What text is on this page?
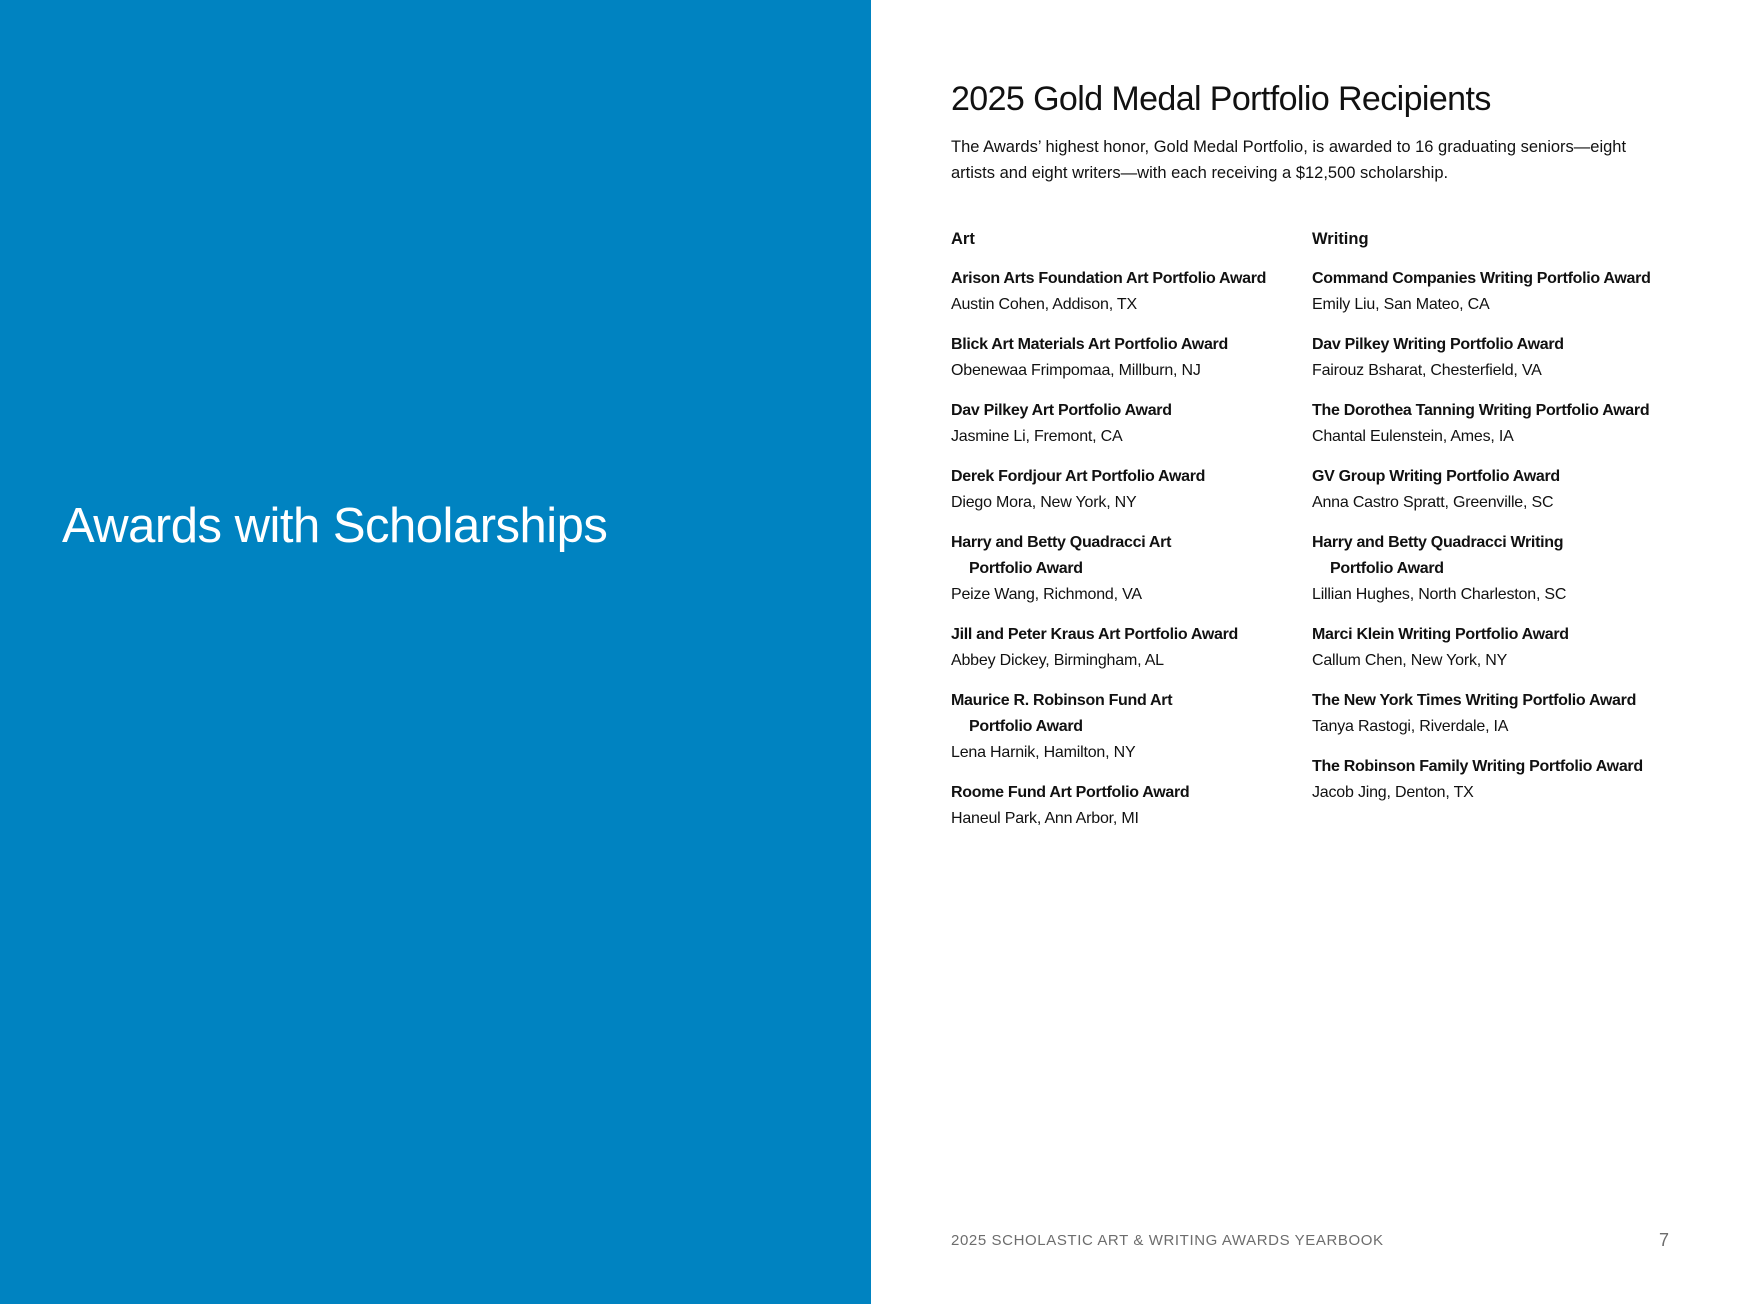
Awards with Scholarships
2025 Gold Medal Portfolio Recipients

The Awards’ highest honor, Gold Medal Portfolio, is awarded to 16 graduating seniors—eight
artists and eight writers—with each receiving a $12,500 scholarship.

Art
Arison Arts Foundation Art Portfolio Award
Austin Cohen, Addison, TX
Blick Art Materials Art Portfolio Award
Obenewaa Frimpomaa, Millburn, NJ
Dav Pilkey Art Portfolio Award
Jasmine Li, Fremont, CA
Derek Fordjour Art Portfolio Award
Diego Mora, New York, NY
Harry and Betty Quadracci Art
Portfolio Award
Peize Wang, Richmond, VA
Jill and Peter Kraus Art Portfolio Award
Abbey Dickey, Birmingham, AL
Maurice R. Robinson Fund Art
Portfolio Award
Lena Harnik, Hamilton, NY
Roome Fund Art Portfolio Award
Haneul Park, Ann Arbor, MI
Writing
Command Companies Writing Portfolio Award
Emily Liu, San Mateo, CA
Dav Pilkey Writing Portfolio Award
Fairouz Bsharat, Chesterfield, VA
The Dorothea Tanning Writing Portfolio Award
Chantal Eulenstein, Ames, IA
GV Group Writing Portfolio Award
Anna Castro Spratt, Greenville, SC
Harry and Betty Quadracci Writing
Portfolio Award
Lillian Hughes, North Charleston, SC
Marci Klein Writing Portfolio Award
Callum Chen, New York, NY
The New York Times Writing Portfolio Award
Tanya Rastogi, Riverdale, IA
The Robinson Family Writing Portfolio Award
Jacob Jing, Denton, TX
2025 SCHOLASTIC ART & WRITING AWARDS YEARBOOK	7
